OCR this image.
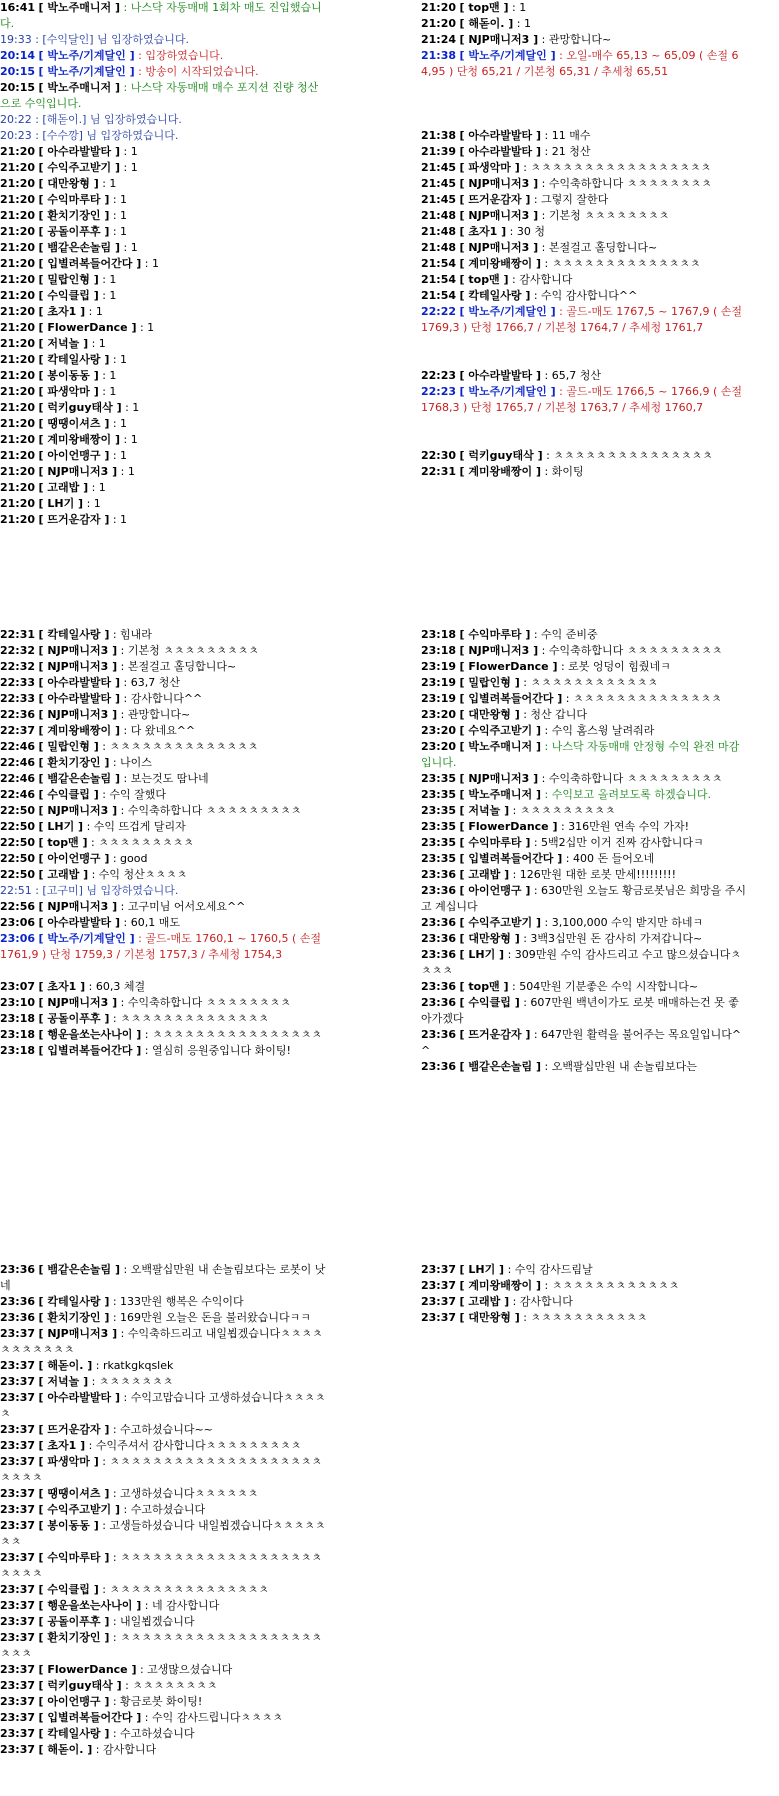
16:41 [ 박노주매니저 ] : 나스닥 자동매매 1회차 매도 진입했습니다.
19:33 : [수익달인] 님 입장하였습니다.
20:14 [ 박노주/기계달인 ] : 입장하였습니다.
20:15 [ 박노주/기계달인 ] : 방송이 시작되었습니다.
20:15 [ 박노주매니저 ] : 나스닥 자동매매 매수 포지션 진량 청산으로 수익입니다.
20:22 : [해돋이.] 님 입장하였습니다.
20:23 : [수수깡] 님 입장하였습니다.
21:20 [ 아수라발발타 ] : 1
21:20 [ 수익주고받기 ] : 1
21:20 [ 대만왕형 ] : 1
21:20 [ 수익마루타 ] : 1
21:20 [ 환치기장인 ] : 1
21:20 [ 공돌이푸후 ] : 1
21:20 [ 뱀같은손놀림 ] : 1
21:20 [ 입별려복들어간다 ] : 1
21:20 [ 밀랍인형 ] : 1
21:20 [ 수익클립 ] : 1
21:20 [ 초자1 ] : 1
21:20 [ FlowerDance ] : 1
21:20 [ 저녁놀 ] : 1
21:20 [ 칵테일사랑 ] : 1
21:20 [ 봉이동동 ] : 1
21:20 [ 파생악마 ] : 1
21:20 [ 럭키guy태삭 ] : 1
21:20 [ 땡땡이셔츠 ] : 1
21:20 [ 계미왕배짱이 ] : 1
21:20 [ 아이언맹구 ] : 1
21:20 [ NJP매니저3 ] : 1
21:20 [ 고래밥 ] : 1
21:20 [ LH기 ] : 1
21:20 [ 뜨거운감자 ] : 1
21:20 [ top맨 ] : 1
21:20 [ 해돋이. ] : 1
21:24 [ NJP매니저3 ] : 관망합니다~
21:38 [ 박노주/기계달인 ] : 오일-매수 65,13 ~ 65,09 ( 손절 64,95 ) 단청 65,21 / 기본청 65,31 / 추세청 65,51
21:38 [ 아수라발발타 ] : 11 매수
21:39 [ 아수라발발타 ] : 21 청산
21:45 [ 파생악마 ] : ㅊㅊㅊㅊㅊㅊㅊㅊㅊㅊㅊㅊㅊㅊㅊㅊㅊ
21:45 [ NJP매니저3 ] : 수익축하합니다 ㅊㅊㅊㅊㅊㅊㅊㅊ
21:45 [ 뜨거운감자 ] : 그렇지 잘한다
21:48 [ NJP매니저3 ] : 기본청 ㅊㅊㅊㅊㅊㅊㅊㅊ
21:48 [ 초자1 ] : 30 청
21:48 [ NJP매니저3 ] : 본절걸고 홀딩합니다~
21:54 [ 계미왕배짱이 ] : ㅊㅊㅊㅊㅊㅊㅊㅊㅊㅊㅊㅊㅊㅊ
21:54 [ top맨 ] : 감사합니다
21:54 [ 칵테일사랑 ] : 수익 감사합니다^^
22:22 [ 박노주/기계달인 ] : 골드-매도 1767,5 ~ 1767,9 ( 손절 1769,3 ) 단청 1766,7 / 기본청 1764,7 / 추세청 1761,7
22:23 [ 아수라발발타 ] : 65,7 청산
22:23 [ 박노주/기계달인 ] : 골드-매도 1766,5 ~ 1766,9 ( 손절 1768,3 ) 단청 1765,7 / 기본청 1763,7 / 추세청 1760,7
22:30 [ 럭키guy태삭 ] : ㅊㅊㅊㅊㅊㅊㅊㅊㅊㅊㅊㅊㅊㅊㅊ
22:31 [ 계미왕배짱이 ] : 화이팅
22:31 [ 칵테일사랑 ] : 힘내라
22:32 [ NJP매니저3 ] : 기본청 ㅊㅊㅊㅊㅊㅊㅊㅊㅊ
22:32 [ NJP매니저3 ] : 본절걸고 홀딩합니다~
22:33 [ 아수라발발타 ] : 63,7 청산
22:33 [ 아수라발발타 ] : 감사합니다^^
22:36 [ NJP매니저3 ] : 관망합니다~
22:37 [ 계미왕배짱이 ] : 다 왔네요^^
22:46 [ 밀랍인형 ] : ㅊㅊㅊㅊㅊㅊㅊㅊㅊㅊㅊㅊㅊㅊ
22:46 [ 환치기장인 ] : 나이스
22:46 [ 뱀같은손놀림 ] : 보는것도 땀나네
22:46 [ 수익클립 ] : 수익 잘했다
22:50 [ NJP매니저3 ] : 수익축하합니다 ㅊㅊㅊㅊㅊㅊㅊㅊㅊ
22:50 [ LH기 ] : 수익 뜨겁게 달리자
22:50 [ top맨 ] : ㅊㅊㅊㅊㅊㅊㅊㅊㅊ
22:50 [ 아이언맹구 ] : good
22:50 [ 고래밥 ] : 수익 청산ㅊㅊㅊㅊ
22:51 : [고구미] 님 입장하였습니다.
22:56 [ NJP매니저3 ] : 고구미님 어서오세요^^
23:06 [ 아수라발발타 ] : 60,1 매도
23:06 [ 박노주/기계달인 ] : 골드-매도 1760,1 ~ 1760,5 ( 손절 1761,9 ) 단청 1759,3 / 기본청 1757,3 / 추세청 1754,3
23:07 [ 초자1 ] : 60,3 체결
23:10 [ NJP매니저3 ] : 수익축하합니다 ㅊㅊㅊㅊㅊㅊㅊㅊ
23:18 [ 공돌이푸후 ] : ㅊㅊㅊㅊㅊㅊㅊㅊㅊㅊㅊㅊㅊㅊ
23:18 [ 행운을쏘는사나이 ] : ㅊㅊㅊㅊㅊㅊㅊㅊㅊㅊㅊㅊㅊㅊㅊㅊ
23:18 [ 입별려복들어간다 ] : 열심히 응원중입니다 화이팅!
23:18 [ 수익마루타 ] : 수익 준비중
23:18 [ NJP매니저3 ] : 수익축하합니다 ㅊㅊㅊㅊㅊㅊㅊㅊㅊ
23:19 [ FlowerDance ] : 로봇 엉덩이 힘줬네ㅋ
23:19 [ 밀랍인형 ] : ㅊㅊㅊㅊㅊㅊㅊㅊㅊㅊㅊㅊ
23:19 [ 입별려복들어간다 ] : ㅊㅊㅊㅊㅊㅊㅊㅊㅊㅊㅊㅊㅊㅊ
23:20 [ 대만왕형 ] : 청산 갑니다
23:20 [ 수익주고받기 ] : 수익 홈스윙 날려줘라
23:20 [ 박노주매니저 ] : 나스닥 자동매매 안정형 수익 완전 마감입니다.
23:35 [ NJP매니저3 ] : 수익축하합니다 ㅊㅊㅊㅊㅊㅊㅊㅊㅊ
23:35 [ 박노주매니저 ] : 수익보고 올려보도록 하겠습니다.
23:35 [ 저녁놀 ] : ㅊㅊㅊㅊㅊㅊㅊㅊㅊ
23:35 [ FlowerDance ] : 316만원 연속 수익 가자!
23:35 [ 수익마루타 ] : 5백2십만 이거 진짜 감사합니다ㅋ
23:35 [ 입별려복들어간다 ] : 400 돈 들어오네
23:36 [ 고래밥 ] : 126만원 대한 로봇 만세!!!!!!!!!
23:36 [ 아이언맹구 ] : 630만원 오늘도 황금로봇님은 희망을 주시고 계십니다
23:36 [ 수익주고받기 ] : 3,100,000 수익 받지만 하네ㅋ
23:36 [ 대만왕형 ] : 3백3십만원 돈 감사히 가져갑니다~
23:36 [ LH기 ] : 309만원 수익 감사드리고 수고 많으셨습니다ㅊㅊㅊㅊ
23:36 [ top맨 ] : 504만원 기분좋은 수익 시작합니다~
23:36 [ 수익클립 ] : 607만원 백년이가도 로봇 매매하는건 못 좋아가겠다
23:36 [ 뜨거운감자 ] : 647만원 활력을 불어주는 목요일입니다^^
23:36 [ 뱀같은손놀림 ] : 오백팔십만원 내 손놀림보다는
23:36 [ 뱀같은손놀림 ] : 오백팔십만원 내 손놀림보다는 로봇이 낫네
23:36 [ 칵테일사랑 ] : 133만원 행복은 수익이다
23:36 [ 환치기장인 ] : 169만원 오늘은 돈을 불러왔습니다ㅋㅋ
23:37 [ NJP매니저3 ] : 수익축하드리고 내일뵙겠습니다ㅊㅊㅊㅊㅊㅊㅊㅊㅊㅊㅊ
23:37 [ 해돋이. ] : rkatkgkqslek
23:37 [ 저녁놀 ] : ㅊㅊㅊㅊㅊㅊㅊ
23:37 [ 아수라발발타 ] : 수익고맙습니다 고생하셨습니다ㅊㅊㅊㅊㅊ
23:37 [ 뜨거운감자 ] : 수고하셨습니다~~
23:37 [ 초자1 ] : 수익주셔서 감사합니다ㅊㅊㅊㅊㅊㅊㅊㅊㅊ
23:37 [ 파생악마 ] : ㅊㅊㅊㅊㅊㅊㅊㅊㅊㅊㅊㅊㅊㅊㅊㅊㅊㅊㅊㅊㅊㅊㅊㅊ
23:37 [ 땡땡이셔츠 ] : 고생하셨습니다ㅊㅊㅊㅊㅊㅊ
23:37 [ 수익주고받기 ] : 수고하셨습니다
23:37 [ 봉이동동 ] : 고생들하셨습니다 내일뵙겠습니다ㅊㅊㅊㅊㅊㅊㅊ
23:37 [ 수익마루타 ] : ㅊㅊㅊㅊㅊㅊㅊㅊㅊㅊㅊㅊㅊㅊㅊㅊㅊㅊㅊㅊㅊㅊㅊ
23:37 [ 수익클립 ] : ㅊㅊㅊㅊㅊㅊㅊㅊㅊㅊㅊㅊㅊㅊㅊ
23:37 [ 행운을쏘는사나이 ] : 네 감사합니다
23:37 [ 공돌이푸후 ] : 내일뵙겠습니다
23:37 [ 환치기장인 ] : ㅊㅊㅊㅊㅊㅊㅊㅊㅊㅊㅊㅊㅊㅊㅊㅊㅊㅊㅊㅊㅊㅊ
23:37 [ FlowerDance ] : 고생많으셨습니다
23:37 [ 럭키guy태삭 ] : ㅊㅊㅊㅊㅊㅊㅊㅊ
23:37 [ 아이언맹구 ] : 황금로봇 화이팅!
23:37 [ 입별려복들어간다 ] : 수익 감사드립니다ㅊㅊㅊㅊ
23:37 [ 칵테일사랑 ] : 수고하셨습니다
23:37 [ 해돋이. ] : 감사합니다
23:37 [ LH기 ] : 수익 감사드림날
23:37 [ 계미왕배짱이 ] : ㅊㅊㅊㅊㅊㅊㅊㅊㅊㅊㅊㅊ
23:37 [ 고래밥 ] : 감사합니다
23:37 [ 대만왕형 ] : ㅊㅊㅊㅊㅊㅊㅊㅊㅊㅊㅊ
